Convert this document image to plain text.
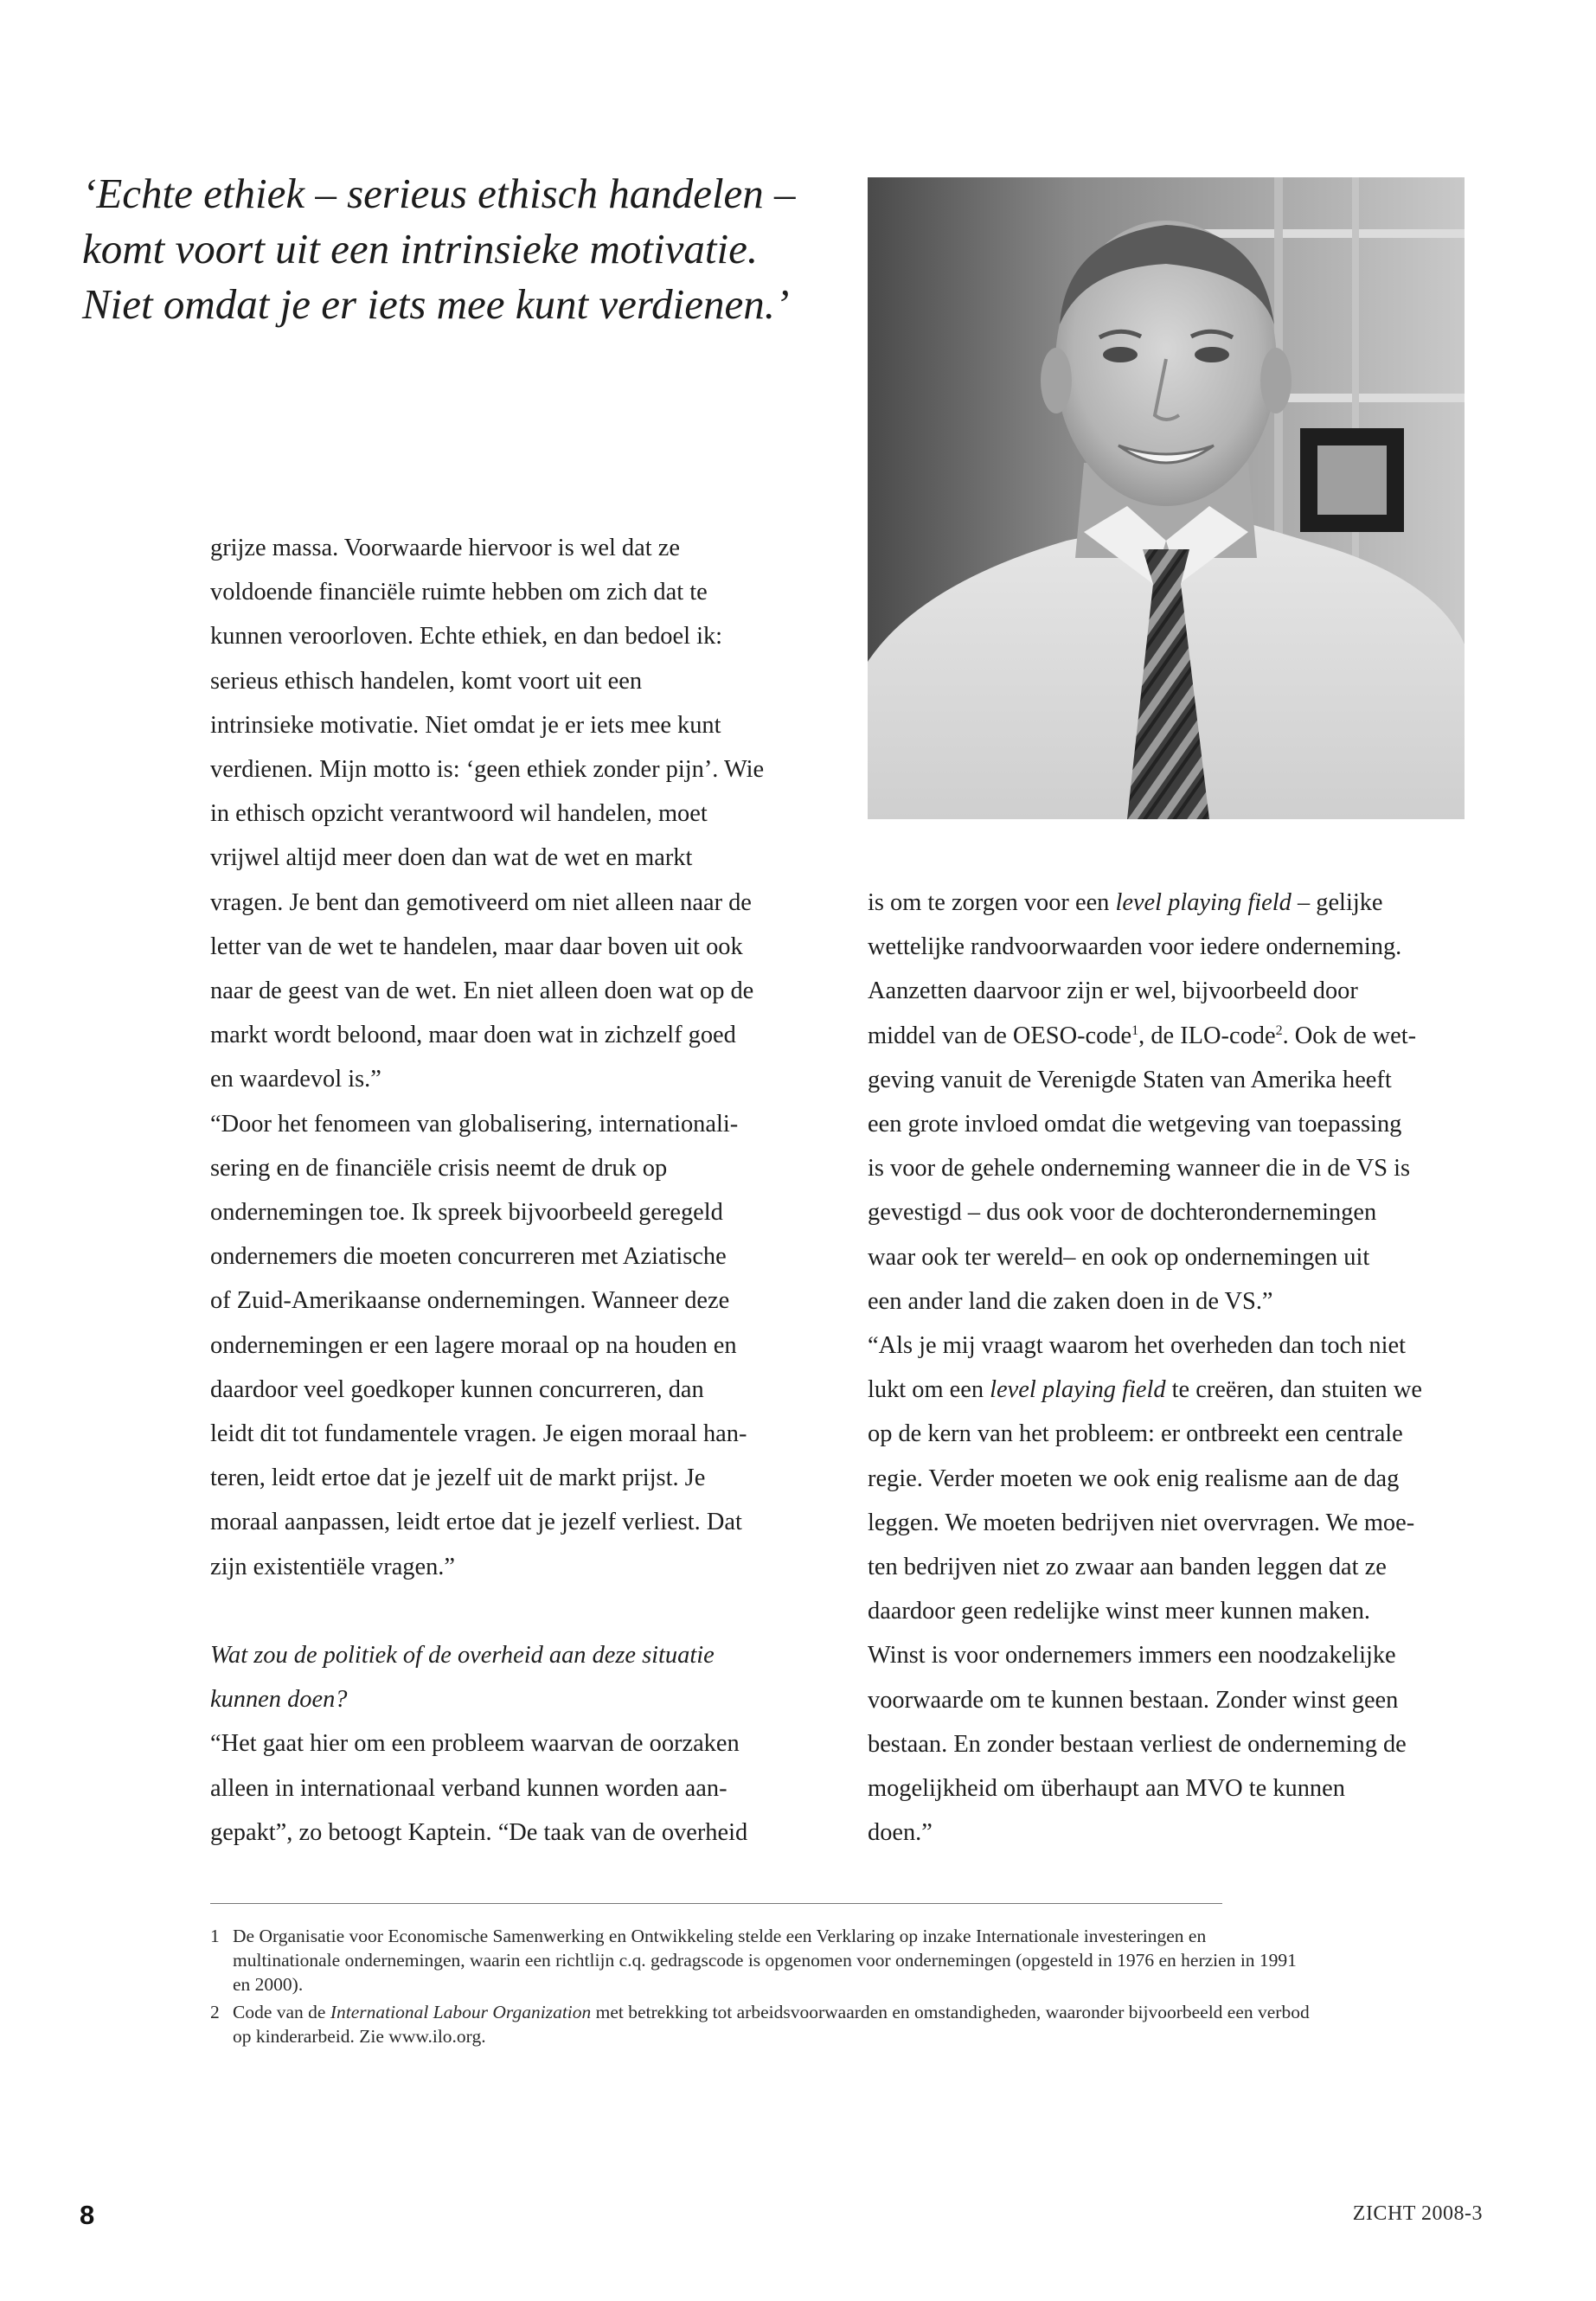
‘Echte ethiek – serieus ethisch handelen –
komt voort uit een intrinsieke motivatie.
Niet omdat je er iets mee kunt verdienen.’

grijze massa. Voorwaarde hiervoor is wel dat ze
voldoende financiële ruimte hebben om zich dat te
kunnen veroorloven. Echte ethiek, en dan bedoel ik:
serieus ethisch handelen, komt voort uit een
intrinsieke motivatie. Niet omdat je er iets mee kunt
verdienen. Mijn motto is: ‘geen ethiek zonder pijn’. Wie
in ethisch opzicht verantwoord wil handelen, moet
vrijwel altijd meer doen dan wat de wet en markt
vragen. Je bent dan gemotiveerd om niet alleen naar de
letter van de wet te handelen, maar daar boven uit ook
naar de geest van de wet. En niet alleen doen wat op de
markt wordt beloond, maar doen wat in zichzelf goed
en waardevol is.”

“Door het fenomeen van globalisering, internationali-
sering en de financiële crisis neemt de druk op
ondernemingen toe. Ik spreek bijvoorbeeld geregeld
ondernemers die moeten concurreren met Aziatische
of Zuid-Amerikaanse ondernemingen. Wanneer deze
ondernemingen er een lagere moraal op na houden en
daardoor veel goedkoper kunnen concurreren, dan
leidt dit tot fundamentele vragen. Je eigen moraal han-
teren, leidt ertoe dat je jezelf uit de markt prijst. Je
moraal aanpassen, leidt ertoe dat je jezelf verliest. Dat
zijn existentiële vragen.”

Wat zou de politiek of de overheid aan deze situatie
kunnen doen?

“Het gaat hier om een probleem waarvan de oorzaken
alleen in internationaal verband kunnen worden aan-
gepakt”, zo betoogt Kaptein. “De taak van de overheid

is om te zorgen voor een level playing field – gelijke
wettelijke randvoorwaarden voor iedere onderneming.
Aanzetten daarvoor zijn er wel, bijvoorbeeld door
middel van de OESO-code$^1$, de ILO-code$^2$. Ook de wet-
geving vanuit de Verenigde Staten van Amerika heeft
een grote invloed omdat die wetgeving van toepassing
is voor de gehele onderneming wanneer die in de VS is
gevestigd – dus ook voor de dochterondernemingen
waar ook ter wereld– en ook op ondernemingen uit
een ander land die zaken doen in de VS.”

“Als je mij vraagt waarom het overheden dan toch niet
lukt om een level playing field te creëren, dan stuiten we
op de kern van het probleem: er ontbreekt een centrale
regie. Verder moeten we ook enig realisme aan de dag
leggen. We moeten bedrijven niet overvragen. We moe-
ten bedrijven niet zo zwaar aan banden leggen dat ze
daardoor geen redelijke winst meer kunnen maken.
Winst is voor ondernemers immers een noodzakelijke
voorwaarde om te kunnen bestaan. Zonder winst geen
bestaan. En zonder bestaan verliest de onderneming de
mogelijkheid om überhaupt aan MVO te kunnen
doen.”

1 De Organisatie voor Economische Samenwerking en Ontwikkeling stelde een Verklaring op inzake Internationale investeringen en
multinationale ondernemingen, waarin een richtlijn c.q. gedragscode is opgenomen voor ondernemingen (opgesteld in 1976 en herzien in 1991
en 2000).
2 Code van de International Labour Organization met betrekking tot arbeidsvoorwaarden en omstandigheden, waaronder bijvoorbeeld een verbod
op kinderarbeid. Zie www.ilo.org.
8	ZICHT 2008-3
